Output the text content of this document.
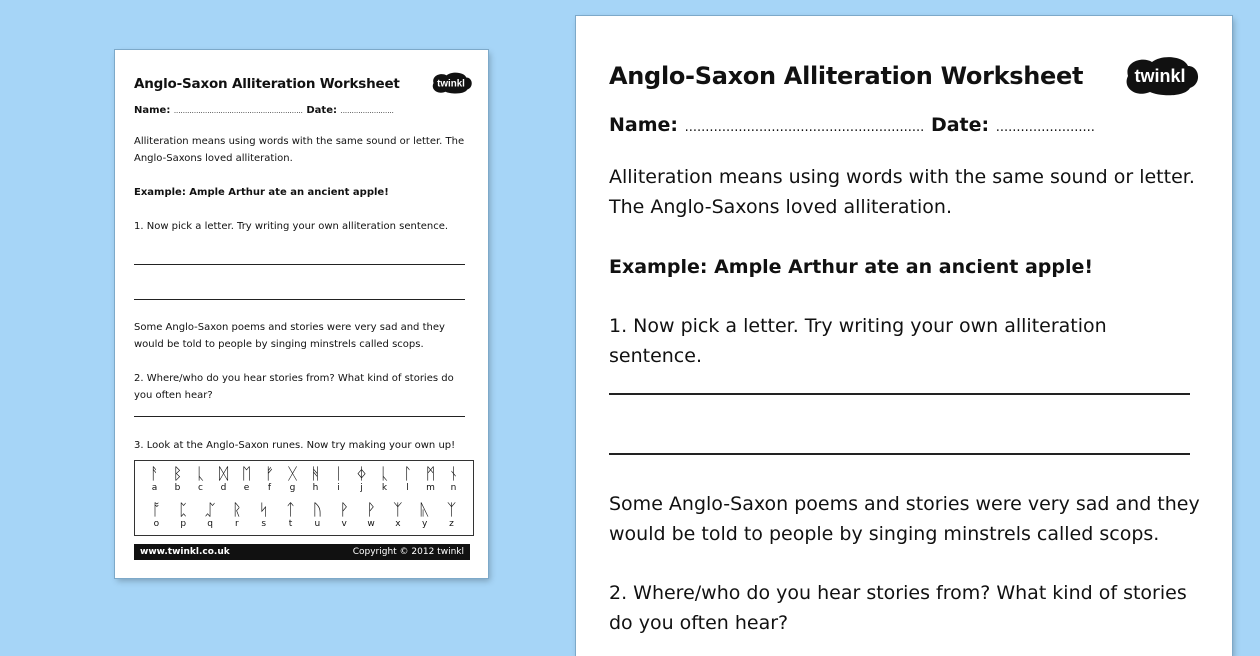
Anglo-Saxon Alliteration Worksheet twinkl
Name: .......................................................... Date: ........................
Alliteration means using words with the same sound or letter. The Anglo-Saxons loved alliteration.
Example: Ample Arthur ate an ancient apple!
1. Now pick a letter. Try writing your own alliteration sentence.
Some Anglo-Saxon poems and stories were very sad and they would be told to people by singing minstrels called scops.
2. Where/who do you hear stories from? What kind of stories do you often hear?
3. Look at the Anglo-Saxon runes. Now try making your own up!
ᚨ ᛒ ᚳ ᛞ ᛖ ᚠ ᚷ ᚻ ᛁ ᛄ ᚳ ᛚ ᛗ ᚾ
a	b	c	d	e	f	g	h	i	j	k	l	m	n
ᚩ	ᛈ	ᛢ	ᚱ	ᛋ	ᛏ	ᚢ	ᚹ	ᚹ	ᛉ	ᚣ	ᛉ
o	p	q	r	s	t	u	v	w	x	y	z
www.twinkl.co.uk	Copyright © 2012 twinkl
Anglo-Saxon Alliteration Worksheet	twinkl
Name: .......................................................... Date: ........................
Alliteration means using words with the same sound or letter. The Anglo-Saxons loved alliteration.
Example: Ample Arthur ate an ancient apple!
1. Now pick a letter. Try writing your own alliteration sentence.
Some Anglo-Saxon poems and stories were very sad and they would be told to people by singing minstrels called scops.
2. Where/who do you hear stories from? What kind of stories do you often hear?
